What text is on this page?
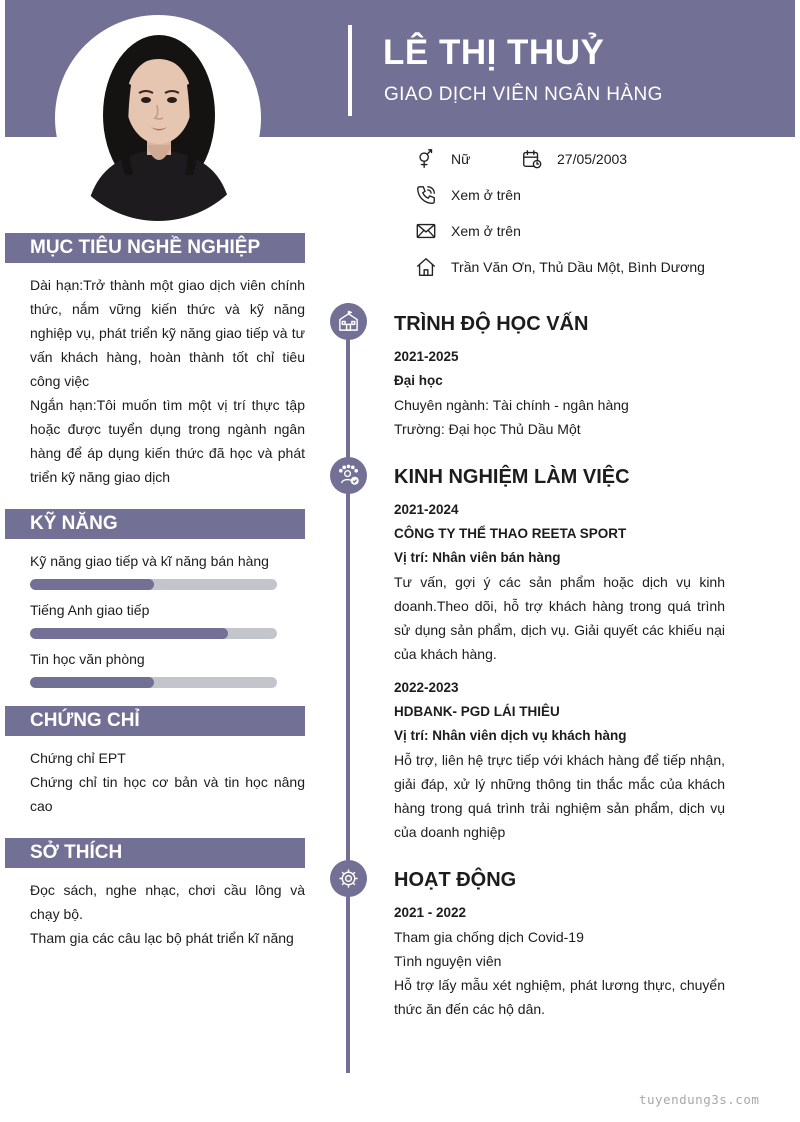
LÊ THỊ THUỶ
GIAO DỊCH VIÊN NGÂN HÀNG
Nữ	27/05/2003
Xem ở trên
Xem ở trên
Trần Văn Ơn, Thủ Dầu Một, Bình Dương
MỤC TIÊU NGHỀ NGHIỆP

Dài hạn:Trở thành một giao dịch viên chính thức, nắm vững kiến thức và kỹ năng nghiệp vụ, phát triển kỹ năng giao tiếp và tư vấn khách hàng, hoàn thành tốt chỉ tiêu công việc

Ngắn hạn:Tôi muốn tìm một vị trí thực tập hoặc được tuyển dụng trong ngành ngân hàng để áp dụng kiến thức đã học và phát triển kỹ năng giao dịch

KỸ NĂNG
Kỹ năng giao tiếp và kĩ năng bán hàng
Tiếng Anh giao tiếp
Tin học văn phòng
CHỨNG CHỈ

Chứng chỉ EPT

Chứng chỉ tin học cơ bản và tin học nâng cao

SỞ THÍCH

Đọc sách, nghe nhạc, chơi cầu lông và chạy bộ.

Tham gia các câu lạc bộ phát triển kĩ năng

TRÌNH ĐỘ HỌC VẤN
2021-2025
Đại học
Chuyên ngành: Tài chính - ngân hàng
Trường: Đại học Thủ Dầu Một
KINH NGHIỆM LÀM VIỆC
2021-2024
CÔNG TY THỂ THAO REETA SPORT
Vị trí: Nhân viên bán hàng
Tư vấn, gợi ý các sản phẩm hoặc dịch vụ kinh doanh.Theo dõi, hỗ trợ khách hàng trong quá trình sử dụng sản phẩm, dịch vụ. Giải quyết các khiếu nại của khách hàng.
2022-2023
HDBANK- PGD LÁI THIÊU
Vị trí: Nhân viên dịch vụ khách hàng
Hỗ trợ, liên hệ trực tiếp với khách hàng để tiếp nhận, giải đáp, xử lý những thông tin thắc mắc của khách hàng trong quá trình trải nghiệm sản phẩm, dịch vụ của doanh nghiệp
HOẠT ĐỘNG
2021 - 2022
Tham gia chống dịch Covid-19
Tình nguyện viên
Hỗ trợ lấy mẫu xét nghiệm, phát lương thực, chuyển thức ăn đến các hộ dân.
tuyendung3s.com
